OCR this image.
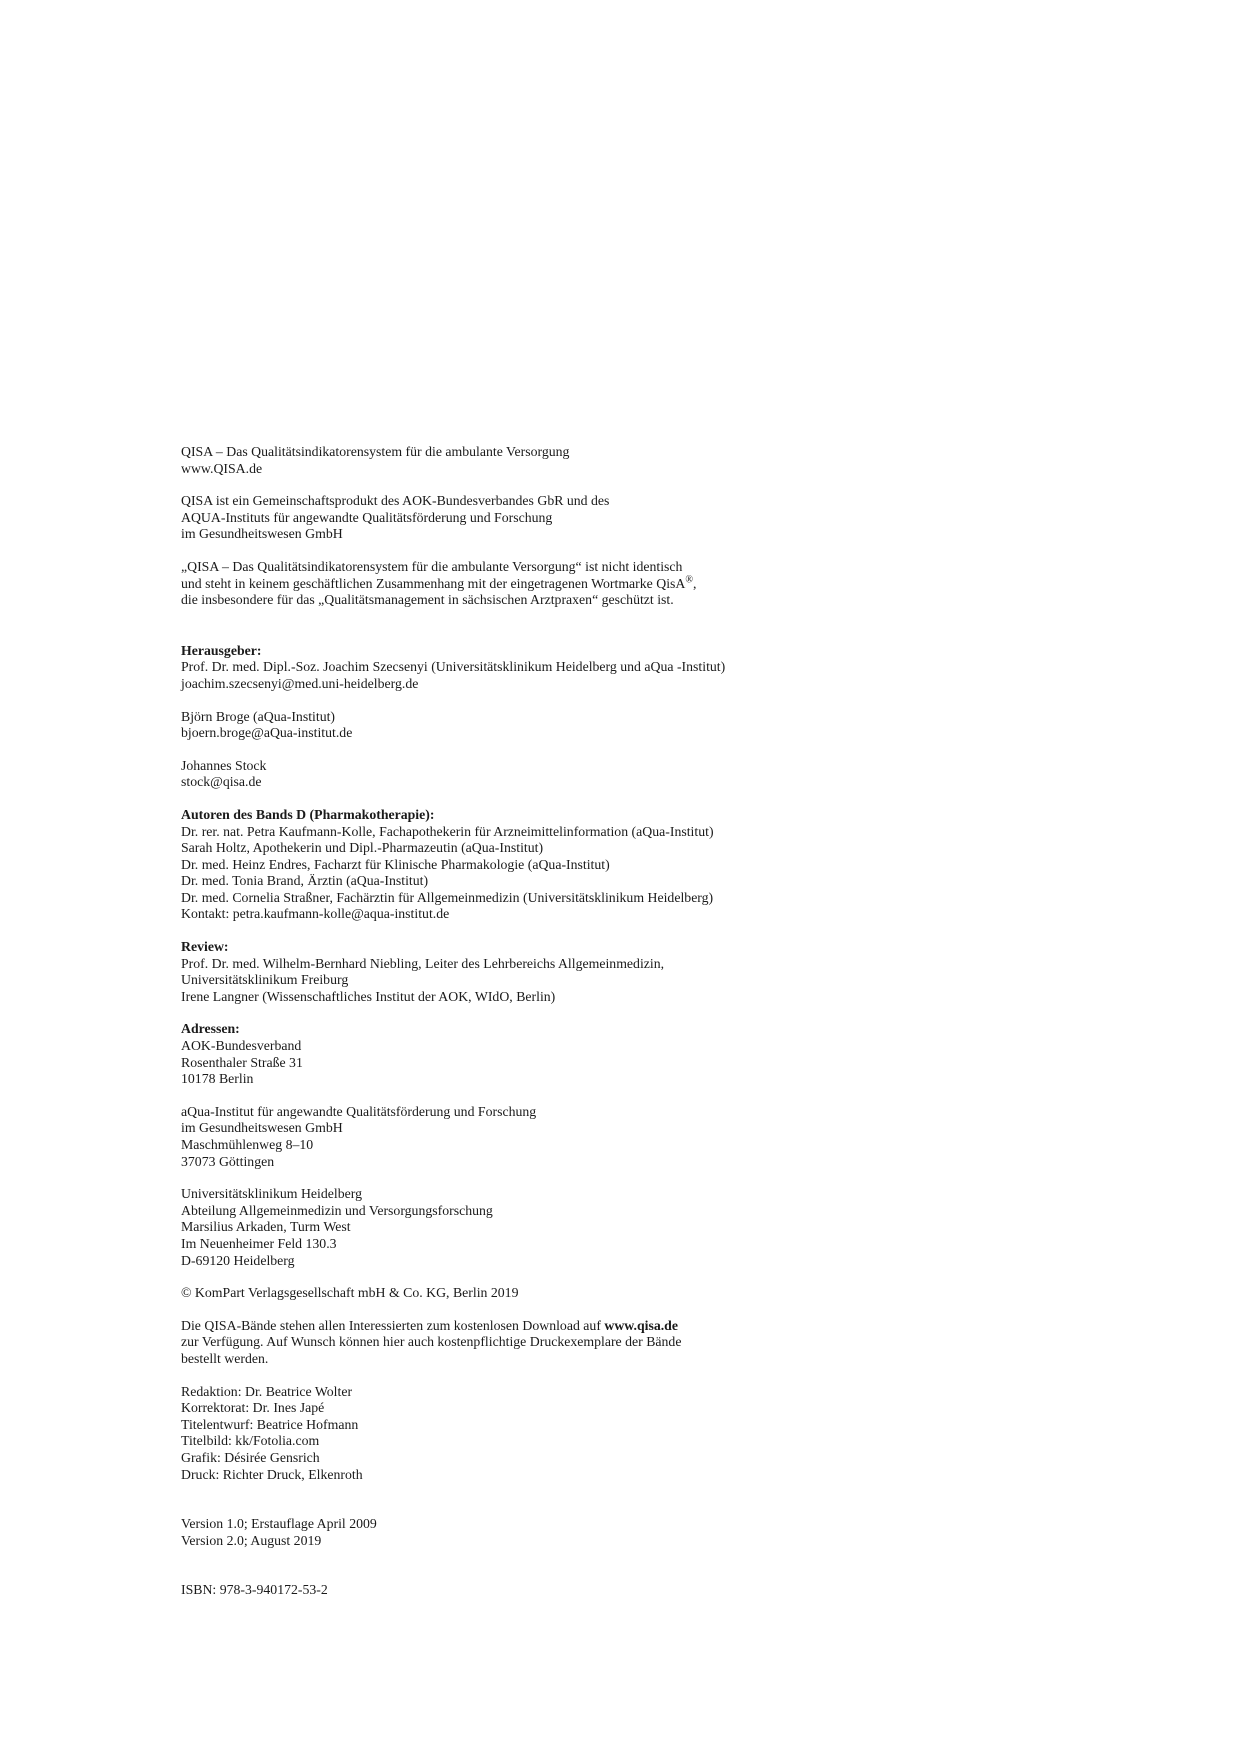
QISA – Das Qualitätsindikatorensystem für die ambulante Versorgung
www.QISA.de
QISA ist ein Gemeinschaftsprodukt des AOK-Bundesverbandes GbR und des
AQUA-Instituts für angewandte Qualitätsförderung und Forschung
im Gesundheitswesen GmbH
„QISA – Das Qualitätsindikatorensystem für die ambulante Versorgung“ ist nicht identisch
und steht in keinem geschäftlichen Zusammenhang mit der eingetragenen Wortmarke QisA®,
die insbesondere für das „Qualitätsmanagement in sächsischen Arztpraxen“ geschützt ist.
Herausgeber:
Prof. Dr. med. Dipl.-Soz. Joachim Szecsenyi (Universitätsklinikum Heidelberg und aQua -Institut)
joachim.szecsenyi@med.uni-heidelberg.de
Björn Broge (aQua-Institut)
bjoern.broge@aQua-institut.de
Johannes Stock
stock@qisa.de
Autoren des Bands D (Pharmakotherapie):
Dr. rer. nat. Petra Kaufmann-Kolle, Fachapothekerin für Arzneimittelinformation (aQua-Institut)
Sarah Holtz, Apothekerin und Dipl.-Pharmazeutin (aQua-Institut)
Dr. med. Heinz Endres, Facharzt für Klinische Pharmakologie (aQua-Institut)
Dr. med. Tonia Brand, Ärztin (aQua-Institut)
Dr. med. Cornelia Straßner, Fachärztin für Allgemeinmedizin (Universitätsklinikum Heidelberg)
Kontakt: petra.kaufmann-kolle@aqua-institut.de
Review:
Prof. Dr. med. Wilhelm-Bernhard Niebling, Leiter des Lehrbereichs Allgemeinmedizin,
Universitätsklinikum Freiburg
Irene Langner (Wissenschaftliches Institut der AOK, WIdO, Berlin)
Adressen:
AOK-Bundesverband
Rosenthaler Straße 31
10178 Berlin
aQua-Institut für angewandte Qualitätsförderung und Forschung
im Gesundheitswesen GmbH
Maschmühlenweg 8–10
37073 Göttingen
Universitätsklinikum Heidelberg
Abteilung Allgemeinmedizin und Versorgungsforschung
Marsilius Arkaden, Turm West
Im Neuenheimer Feld 130.3
D-69120 Heidelberg
© KomPart Verlagsgesellschaft mbH & Co. KG, Berlin 2019
Die QISA-Bände stehen allen Interessierten zum kostenlosen Download auf www.qisa.de
zur Verfügung. Auf Wunsch können hier auch kostenpflichtige Druckexemplare der Bände
bestellt werden.
Redaktion: Dr. Beatrice Wolter
Korrektorat: Dr. Ines Japé
Titelentwurf: Beatrice Hofmann
Titelbild: kk/Fotolia.com
Grafik: Désirée Gensrich
Druck: Richter Druck, Elkenroth
Version 1.0; Erstauflage April 2009
Version 2.0; August 2019
ISBN: 978-3-940172-53-2
